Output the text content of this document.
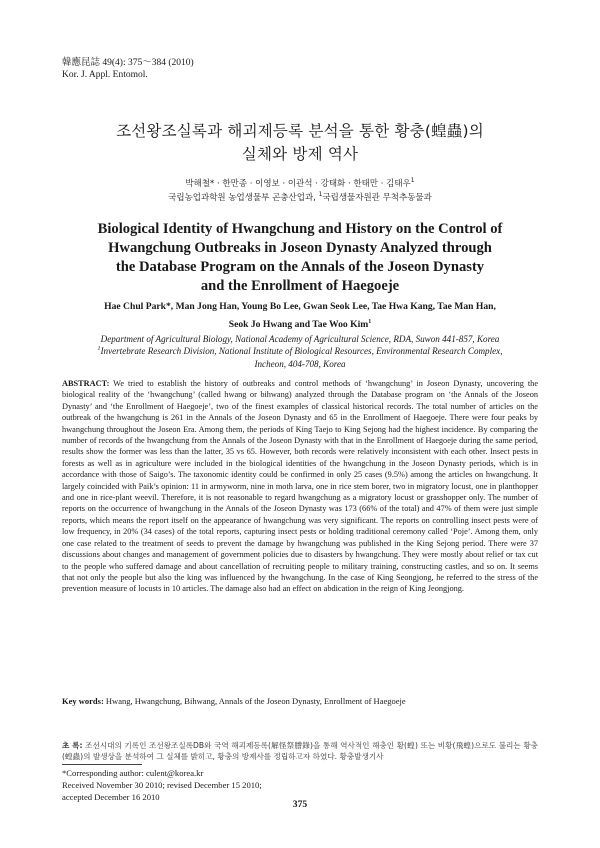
韓應昆誌 49(4): 375～384 (2010)
Kor. J. Appl. Entomol.
조선왕조실록과 해괴제등록 분석을 통한 황충(蝗蟲)의
실체와 방제 역사
박해철* · 한만종 · 이영보 · 이관석 · 강태화 · 한태만 · 김태우$^1$
국립농업과학원 농업생물부 곤충산업과, $^1$국립생물자원관 무척추동물과
Biological Identity of Hwangchung and History on the Control of
Hwangchung Outbreaks in Joseon Dynasty Analyzed through
the Database Program on the Annals of the Joseon Dynasty
and the Enrollment of Haegoeje
Hae Chul Park*, Man Jong Han, Young Bo Lee, Gwan Seok Lee, Tae Hwa Kang, Tae Man Han,
Seok Jo Hwang and Tae Woo Kim$^1$
Department of Agricultural Biology, National Academy of Agricultural Science, RDA, Suwon 441-857, Korea
$^1$Invertebrate Research Division, National Institute of Biological Resources, Environmental Research Complex,
Incheon, 404-708, Korea
ABSTRACT: We tried to establish the history of outbreaks and control methods of ‘hwangchung’ in Joseon Dynasty, uncovering the biological reality of the ‘hwangchung’ (called hwang or bihwang) analyzed through the Database program on ‘the Annals of the Joseon Dynasty’ and ‘the Enrollment of Haegoeje’, two of the finest examples of classical historical records. The total number of articles on the outbreak of the hwangchung is 261 in the Annals of the Joseon Dynasty and 65 in the Enrollment of Haegoeje. There were four peaks by hwangchung throughout the Joseon Era. Among them, the periods of King Taejo to King Sejong had the highest incidence. By comparing the number of records of the hwangchung from the Annals of the Joseon Dynasty with that in the Enrollment of Haegoeje during the same period, results show the former was less than the latter, 35 vs 65. However, both records were relatively inconsistent with each other. Insect pests in forests as well as in agriculture were included in the biological identities of the hwangchung in the Joseon Dynasty periods, which is in accordance with those of Saigo’s. The taxonomic identity could be confirmed in only 25 cases (9.5%) among the articles on hwangchung. It largely coincided with Paik’s opinion: 11 in armyworm, nine in moth larva, one in rice stem borer, two in migratory locust, one in planthopper and one in rice-plant weevil. Therefore, it is not reasonable to regard hwangchung as a migratory locust or grasshopper only. The number of reports on the occurrence of hwangchung in the Annals of the Joseon Dynasty was 173 (66% of the total) and 47% of them were just simple reports, which means the report itself on the appearance of hwangchung was very significant. The reports on controlling insect pests were of low frequency, in 20% (34 cases) of the total reports, capturing insect pests or holding traditional ceremony called ‘Poje’. Among them, only one case related to the treatment of seeds to prevent the damage by hwangchung was published in the King Sejong period. There were 37 discussions about changes and management of government policies due to disasters by hwangchung. They were mostly about relief or tax cut to the people who suffered damage and about cancellation of recruiting people to military training, constructing castles, and so on. It seems that not only the people but also the king was influenced by the hwangchung. In the case of King Seongjong, he referred to the stress of the prevention measure of locusts in 10 articles. The damage also had an effect on abdication in the reign of King Jeongjong.
Key words: Hwang, Hwangchung, Bihwang, Annals of the Joseon Dynasty, Enrollment of Haegoeje
초 록: 조선시대의 기록인 조선왕조실록DB와 국역 해괴제등록(解怪祭謄錄)을 통해 역사적인 해충인 황(蝗) 또는 비황(飛蝗)으로도 불리는 황충(蝗蟲)의 발생상을 분석하여 그 실체를 밝히고, 황충의 방제사를 정립하고자 하였다. 황충발생기사
*Corresponding author: culent@korea.kr
Received November 30 2010; revised December 15 2010;
accepted December 16 2010
375
